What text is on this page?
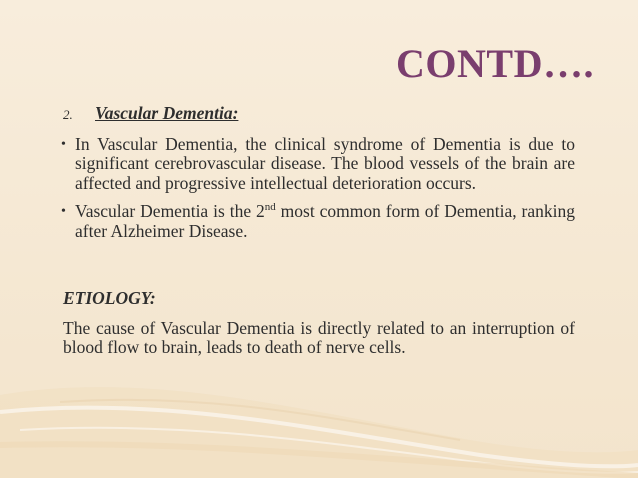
CONTD….
2.	Vascular Dementia:
• In Vascular Dementia, the clinical syndrome of Dementia is due to significant cerebrovascular disease. The blood vessels of the brain are affected and progressive intellectual deterioration occurs.
• Vascular Dementia is the 2nd most common form of Dementia, ranking after Alzheimer Disease.
ETIOLOGY:
The cause of Vascular Dementia is directly related to an interruption of blood flow to brain, leads to death of nerve cells.
